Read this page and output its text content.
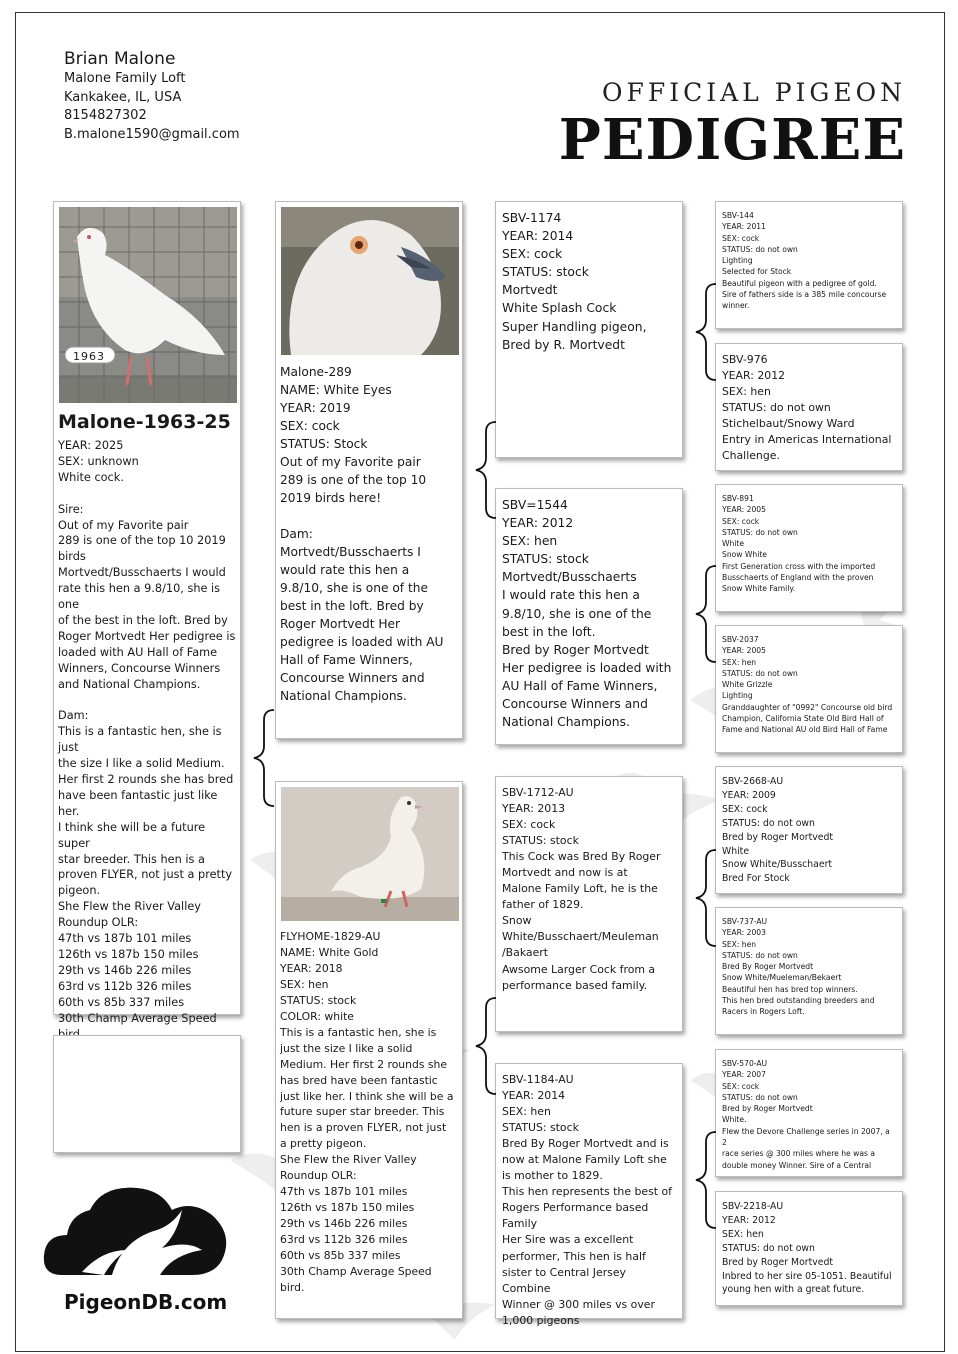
Brian Malone
Malone Family Loft
Kankakee, IL, USA
8154827302
B.malone1590@gmail.com
OFFICIAL PIGEON
PEDIGREE
1963
Malone-1963-25
YEAR: 2025
SEX: unknown
White cock.

Sire:
Out of my Favorite pair
289 is one of the top 10 2019
birds
Mortvedt/Busschaerts I would
rate this hen a 9.8/10, she is one
of the best in the loft. Bred by
Roger Mortvedt Her pedigree is
loaded with AU Hall of Fame
Winners, Concourse Winners
and National Champions.

Dam:
This is a fantastic hen, she is just
the size I like a solid Medium.
Her first 2 rounds she has bred
have been fantastic just like her.
I think she will be a future super
star breeder. This hen is a
proven FLYER, not just a pretty
pigeon.
She Flew the River Valley
Roundup OLR:
47th vs 187b 101 miles
126th vs 187b 150 miles
29th vs 146b 226 miles
63rd vs 112b 326 miles
60th vs 85b 337 miles
30th Champ Average Speed
Malone-289
NAME: White Eyes
YEAR: 2019
SEX: cock
STATUS: Stock
Out of my Favorite pair
289 is one of the top 10
2019 birds here!

Dam:
Mortvedt/Busschaerts I
would rate this hen a
9.8/10, she is one of the
best in the loft. Bred by
Roger Mortvedt Her
pedigree is loaded with AU
Hall of Fame Winners,
Concourse Winners and
National Champions.
FLYHOME-1829-AU
NAME: White Gold
YEAR: 2018
SEX: hen
STATUS: stock
COLOR: white
This is a fantastic hen, she is
just the size I like a solid
Medium. Her first 2 rounds she
has bred have been fantastic
just like her. I think she will be a
future super star breeder. This
hen is a proven FLYER, not just
a pretty pigeon.
She Flew the River Valley
Roundup OLR:
47th vs 187b 101 miles
126th vs 187b 150 miles
29th vs 146b 226 miles
63rd vs 112b 326 miles
60th vs 85b 337 miles
30th Champ Average Speed
bird.
SBV-1174
YEAR: 2014
SEX: cock
STATUS: stock
Mortvedt
White Splash Cock
Super Handling pigeon,
Bred by R. Mortvedt
SBV=1544
YEAR: 2012
SEX: hen
STATUS: stock
Mortvedt/Busschaerts
I would rate this hen a
9.8/10, she is one of the
best in the loft.
Bred by Roger Mortvedt
Her pedigree is loaded with
AU Hall of Fame Winners,
Concourse Winners and
National Champions.
SBV-1712-AU
YEAR: 2013
SEX: cock
STATUS: stock
This Cock was Bred By Roger
Mortvedt and now is at
Malone Family Loft, he is the
father of 1829.
Snow
White/Busschaert/Meuleman
/Bakaert
Awsome Larger Cock from a
performance based family.
SBV-1184-AU
YEAR: 2014
SEX: hen
STATUS: stock
Bred By Roger Mortvedt and is
now at Malone Family Loft she
is mother to 1829.
This hen represents the best of
Rogers Performance based
Family
Her Sire was a excellent
performer, This hen is half
sister to Central Jersey Combine
Winner @ 300 miles vs over
1,000 pigeons
SBV-144
YEAR: 2011
SEX: cock
STATUS: do not own
Lighting
Selected for Stock
Beautiful pigeon with a pedigree of gold.
Sire of fathers side is a 385 mile concourse
winner.
SBV-976
YEAR: 2012
SEX: hen
STATUS: do not own
Stichelbaut/Snowy Ward
Entry in Americas International
Challenge.
SBV-891
YEAR: 2005
SEX: cock
STATUS: do not own
White
Snow White
First Generation cross with the imported
Busschaerts of England with the proven
Snow White Family.
SBV-2037
YEAR: 2005
SEX: hen
STATUS: do not own
White Grizzle
Lighting
Granddaughter of "0992" Concourse old bird
Champion, California State Old Bird Hall of
Fame and National AU old Bird Hall of Fame
SBV-2668-AU
YEAR: 2009
SEX: cock
STATUS: do not own
Bred by Roger Mortvedt
White
Snow White/Busschaert
Bred For Stock
SBV-737-AU
YEAR: 2003
SEX: hen
STATUS: do not own
Bred By Roger Mortvedt
Snow White/Mueleman/Bekaert
Beautiful hen has bred top winners.
This hen bred outstanding breeders and
Racers in Rogers Loft.
SBV-570-AU
YEAR: 2007
SEX: cock
STATUS: do not own
Bred by Roger Mortvedt
White.
Flew the Devore Challenge series in 2007, a 2
race series @ 300 miles where he was a
double money Winner. Sire of a Central
SBV-2218-AU
YEAR: 2012
SEX: hen
STATUS: do not own
Bred by Roger Mortvedt
Inbred to her sire 05-1051. Beautiful
young hen with a great future.
PigeonDB.com
